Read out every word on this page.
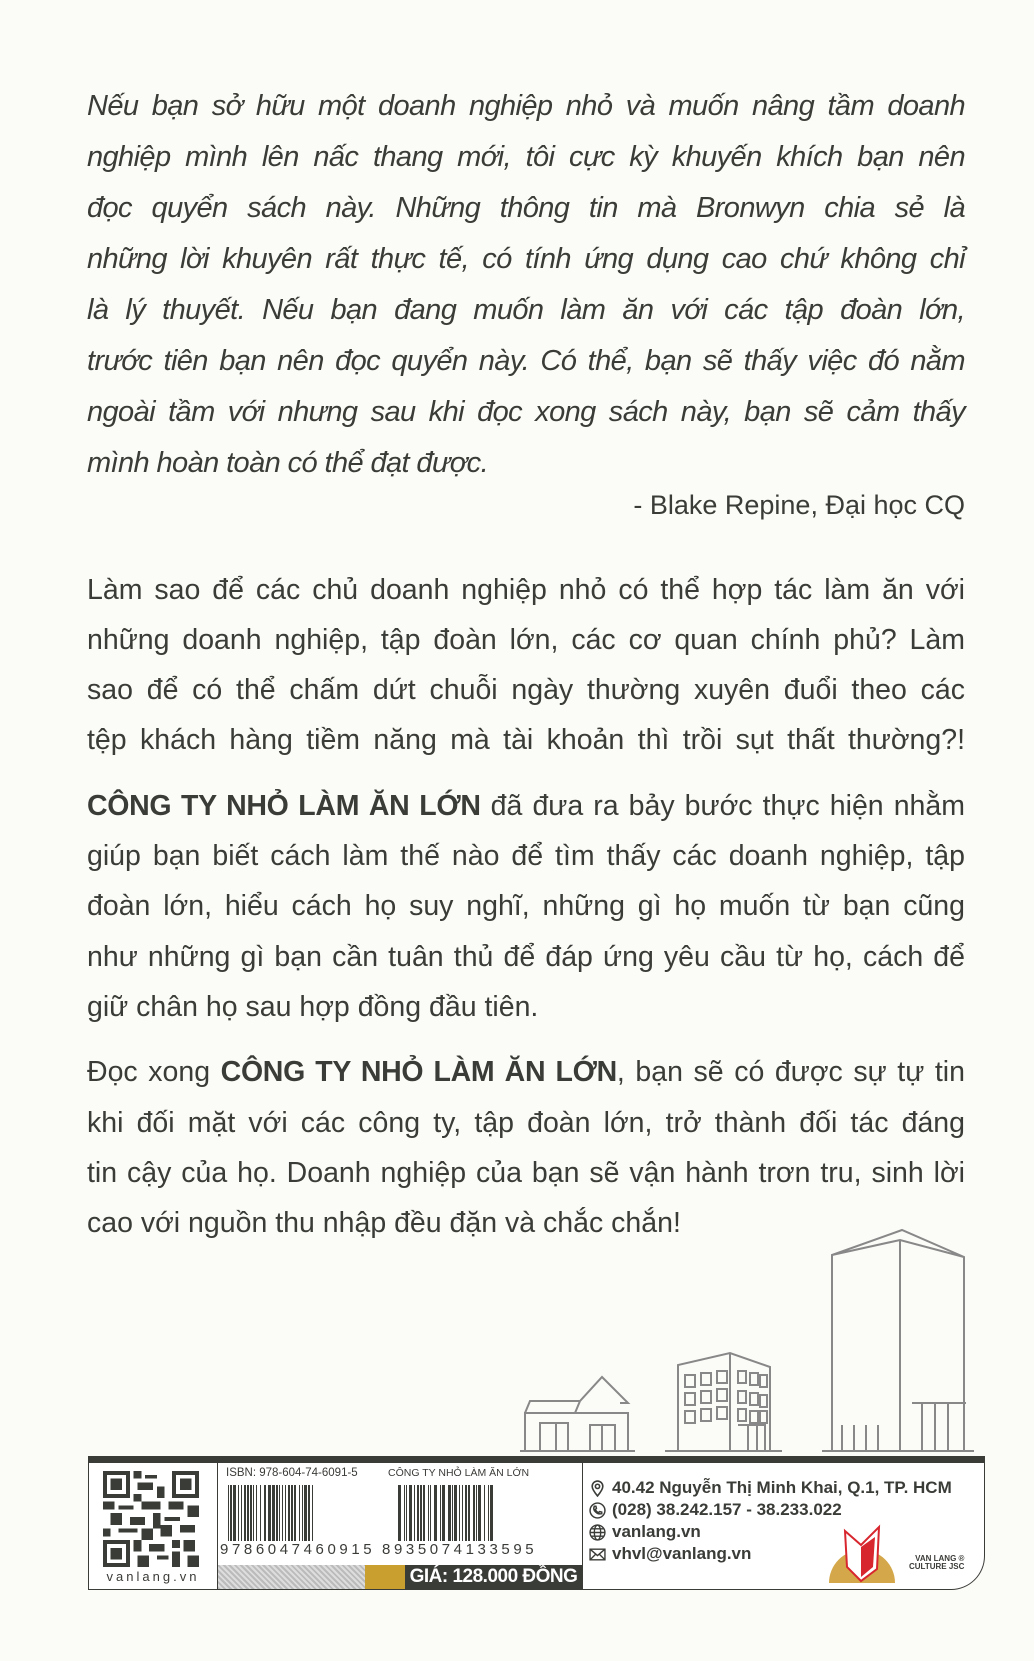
Nếu bạn sở hữu một doanh nghiệp nhỏ và muốn nâng tầm doanh
nghiệp mình lên nấc thang mới, tôi cực kỳ khuyến khích bạn nên
đọc quyển sách này. Những thông tin mà Bronwyn chia sẻ là
những lời khuyên rất thực tế, có tính ứng dụng cao chứ không chỉ
là lý thuyết. Nếu bạn đang muốn làm ăn với các tập đoàn lớn,
trước tiên bạn nên đọc quyển này. Có thể, bạn sẽ thấy việc đó nằm
ngoài tầm với nhưng sau khi đọc xong sách này, bạn sẽ cảm thấy
mình hoàn toàn có thể đạt được.
- Blake Repine, Đại học CQ
Làm sao để các chủ doanh nghiệp nhỏ có thể hợp tác làm ăn với
những doanh nghiệp, tập đoàn lớn, các cơ quan chính phủ? Làm
sao để có thể chấm dứt chuỗi ngày thường xuyên đuổi theo các
tệp khách hàng tiềm năng mà tài khoản thì trồi sụt thất thường?!
CÔNG TY NHỎ LÀM ĂN LỚN đã đưa ra bảy bước thực hiện nhằm
giúp bạn biết cách làm thế nào để tìm thấy các doanh nghiệp, tập
đoàn lớn, hiểu cách họ suy nghĩ, những gì họ muốn từ bạn cũng
như những gì bạn cần tuân thủ để đáp ứng yêu cầu từ họ, cách để
giữ chân họ sau hợp đồng đầu tiên.
Đọc xong CÔNG TY NHỎ LÀM ĂN LỚN, bạn sẽ có được sự tự tin
khi đối mặt với các công ty, tập đoàn lớn, trở thành đối tác đáng
tin cậy của họ. Doanh nghiệp của bạn sẽ vận hành trơn tru, sinh lời
cao với nguồn thu nhập đều đặn và chắc chắn!
vanlang.vn
ISBN: 978-604-74-6091-5
9786047460915
CÔNG TY NHỎ LÀM ĂN LỚN
8935074133595
GIÁ: 128.000 ĐỒNG
40.42 Nguyễn Thị Minh Khai, Q.1, TP. HCM
(028) 38.242.157 - 38.233.022
vanlang.vn
vhvl@vanlang.vn	VAN LANG ®
CULTURE JSC
